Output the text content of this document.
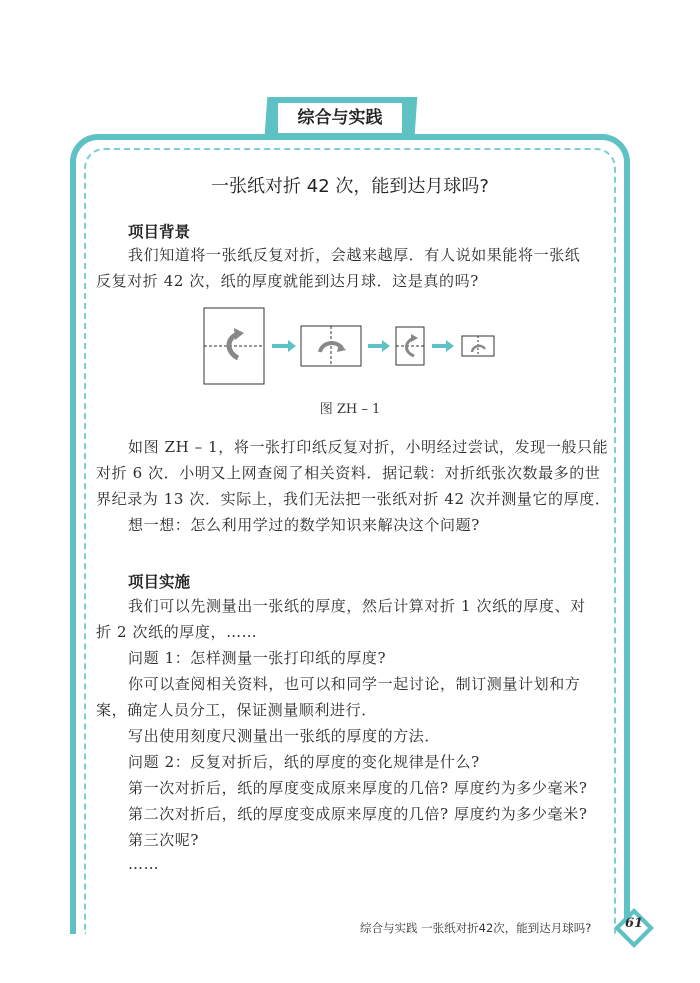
综合与实践
一张纸对折 42 次，能到达月球吗?
项目背景
我们知道将一张纸反复对折，会越来越厚．有人说如果能将一张纸
反复对折 42 次，纸的厚度就能到达月球．这是真的吗?
图 ZH – 1
如图 ZH – 1，将一张打印纸反复对折，小明经过尝试，发现一般只能
对折 6 次．小明又上网查阅了相关资料．据记载：对折纸张次数最多的世
界纪录为 13 次．实际上，我们无法把一张纸对折 42 次并测量它的厚度．
想一想：怎么利用学过的数学知识来解决这个问题?
项目实施
我们可以先测量出一张纸的厚度，然后计算对折 1 次纸的厚度、对
折 2 次纸的厚度，……
问题 1：怎样测量一张打印纸的厚度?
你可以查阅相关资料，也可以和同学一起讨论，制订测量计划和方
案，确定人员分工，保证测量顺利进行．
写出使用刻度尺测量出一张纸的厚度的方法．
问题 2：反复对折后，纸的厚度的变化规律是什么?
第一次对折后，纸的厚度变成原来厚度的几倍? 厚度约为多少毫米?
第二次对折后，纸的厚度变成原来厚度的几倍? 厚度约为多少毫米?
第三次呢?
……
综合与实践 一张纸对折42次，能到达月球吗?	61
